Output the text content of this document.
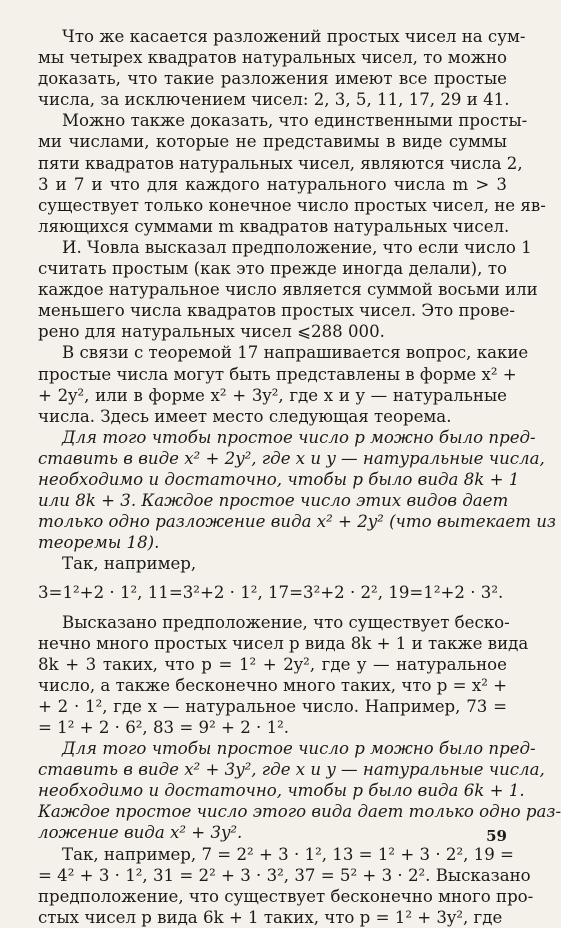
Что же касается разложений простых чисел на сум-
мы четырех квадратов натуральных чисел, то можно
доказать, что такие разложения имеют все простые
числа, за исключением чисел: 2, 3, 5, 11, 17, 29 и 41.
Можно также доказать, что единственными просты-
ми числами, которые не представимы в виде суммы
пяти квадратов натуральных чисел, являются числа 2,
3 и 7 и что для каждого натурального числа m > 3
существует только конечное число простых чисел, не яв-
ляющихся суммами m квадратов натуральных чисел.
И. Човла высказал предположение, что если число 1
считать простым (как это прежде иногда делали), то
каждое натуральное число является суммой восьми или
меньшего числа квадратов простых чисел. Это прове-
рено для натуральных чисел ⩽288 000.
В связи с теоремой 17 напрашивается вопрос, какие
простые числа могут быть представлены в форме x² +
+ 2y², или в форме x² + 3y², где x и y — натуральные
числа. Здесь имеет место следующая теорема.
Для того чтобы простое число p можно было пред-
ставить в виде x² + 2y², где x и y — натуральные числа,
необходимо и достаточно, чтобы p было вида 8k + 1
или 8k + 3. Каждое простое число этих видов дает
только одно разложение вида x² + 2y² (что вытекает из
теоремы 18).
Так, например,
3=1²+2 · 1², 11=3²+2 · 1², 17=3²+2 · 2², 19=1²+2 · 3².
Высказано предположение, что существует беско-
нечно много простых чисел p вида 8k + 1 и также вида
8k + 3 таких, что p = 1² + 2y², где y — натуральное
число, а также бесконечно много таких, что p = x² +
+ 2 · 1², где x — натуральное число. Например, 73 =
= 1² + 2 · 6², 83 = 9² + 2 · 1².
Для того чтобы простое число p можно было пред-
ставить в виде x² + 3y², где x и y — натуральные числа,
необходимо и достаточно, чтобы p было вида 6k + 1.
Каждое простое число этого вида дает только одно раз-
ложение вида x² + 3y².
Так, например, 7 = 2² + 3 · 1², 13 = 1² + 3 · 2², 19 =
= 4² + 3 · 1², 31 = 2² + 3 · 3², 37 = 5² + 3 · 2². Высказано
предположение, что существует бесконечно много про-
стых чисел p вида 6k + 1 таких, что p = 1² + 3y², где
59
